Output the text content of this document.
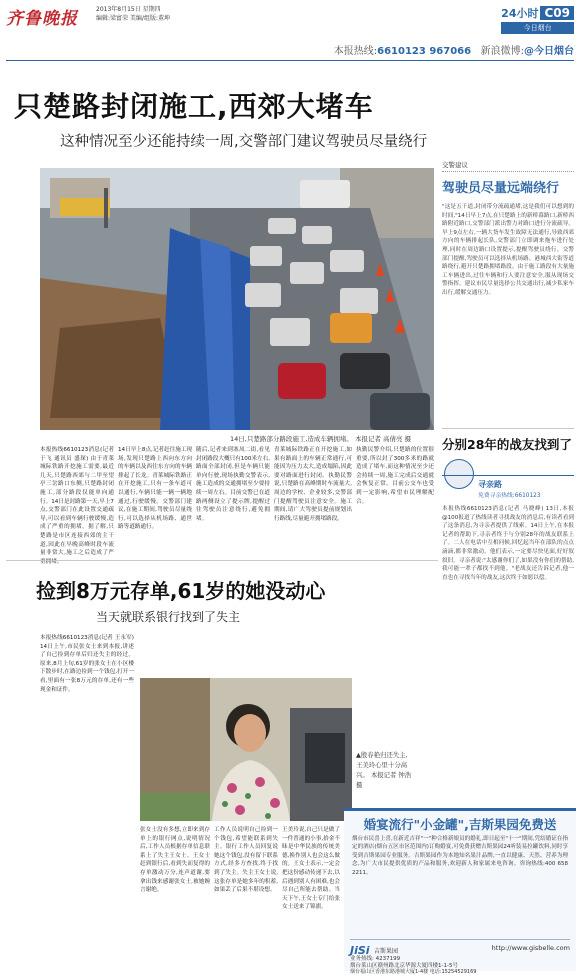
齐鲁晚报	2013年8月15日 星期四
编辑:梁富荣 美编/组版:董坤	24小时 C09
今日烟台
本报热线:6610123 967066 新浪微博:@今日烟台
只楚路封闭施工,西郊大堵车
这种情况至少还能持续一周,交警部门建议驾驶员尽量绕行
14日,只楚路部分路段施工,造成车辆拥堵。 本报记者 高倩亮 摄
交警建议
驾驶员尽量远端绕行
"这是五千道,封闭带分流疏通堵,这是我们可以想到的时间,"14日早上7点,在只楚路上的新桥幕路口,新桥西路附近路口,交警部门派出警力对路口进行分流疏导。早上9点左右,一辆大货车发生故障无法通行,导致西郊方向的车辆排起长队,交警部门立即调来拖车进行处理,同时在周边路口设置提示,提醒驾驶员绕行。交警部门提醒,驾驶员可以选择从机场路、港城西大街等道路绕行,避开只楚路拥堵路段。由于施工路段有大量施工车辆进出,过往车辆和行人要注意安全,服从现场交警指挥。建议市民尽量选择公共交通出行,减少私家车出行,缓解交通压力。
本报热线6610123消息(记者 于飞 通讯员 盛琛) 由于青莱城际铁路开挖施工需要,最近几天,只楚路西郊与二甲至望亭三岔路口东侧,只楚路封闭施工,部分路段仅能单向通行。14日是封路第一天,早上7点,交警部门在此设置交通疏导,可以看到车辆行驶缓慢,造成了严重的拥堵。据了解,只楚路是市区连接西郊的主干道,因此在早晚高峰时段车流量非常大,施工之后造成了严重拥堵。
14日早上8点,记者赶往施工现场,发现只楚路上西向东方向的车辆以及西往东方向的车辆排起了长龙。青莱城际铁路正在开挖施工,只有一条车道可以通行,车辆只能一辆一辆地通过,行驶缓慢。交警部门建议,在施工期间,驾驶员尽量绕行,可以选择从机场路、通世路等道路通行。
随后,记者来到塞凤二街,看见封闭路段大概只有100米左右,路面全部封闭,但是车辆只能单向行驶,现场执勤交警表示,施工造成的交通拥堵至少要持续一周左右。目前交警已在道路两侧设立了提示牌,提醒过往驾驶员注意绕行,避免拥堵。
青莱城际铁路正在开挖施工,如果有路面上的车辆正常通行,可能因为压力太大,造成塌陷,因此要对路面进行封闭。执勤民警说,只楚路在高峰期时车流量大,周边的学校、企业较多,交警部门提醒驾驶员注意安全。施工期间,请广大驾驶员提前规划出行路线,尽量避开拥堵路段。
执勤民警介绍,只楚路的位置很重要,所以封了300多米的路就造成了堵车,而这种情况至少还会持续一周,施工完成后交通就会恢复正常。目前公交车也受到一定影响,希望市民理解配合。
分别28年的战友找到了
寻亲路
免费寻亲热线:6610123
本报热线6610123消息(记者 马晓峰) 13日,本报@100报道了热线读者寻找战友的消息后,有读者看到了这条消息,为寻亲者提供了线索。14日上午,在本报记者的帮助下,寻亲者终于与分别28年的战友联系上了。二人在电话中互相问候,回忆起当年在部队的点点滴滴,都非常激动。他们表示,一定要尽快见面,好好叙叙旧。寻亲者说:"太感谢你们了,如果没有你们的帮助,我可能一辈子都找不到他。"老战友还告诉记者,他一直也在寻找当年的战友,这次终于如愿以偿。
捡到8万元存单,61岁的她没动心
当天就联系银行找到了失主
本报热线6610123消息(记者 王永军) 14日上午,市民张女士来到本报,讲述了自己捡到存单后归还失主的经过。原来,8月上旬,61岁的张女士在小区楼下散步时,在路边捡到一个钱包,打开一看,里面有一张8万元的存单,还有一些现金和证件。
张女士没有多想,立即来到存单上的银行网点,说明情况后,工作人员根据存单信息联系上了失主王女士。王女士赶到银行后,看到失而复得的存单激动万分,连声道谢,要拿出钱来感谢张女士,被她婉言谢绝。
工作人员说明自己捡到一个钱包,希望能联系到失主。银行工作人员回复说她这个钱包,没有留下联系方式,经多方查找,终于找到了失主。失主王女士说,这张存单是她多年的积蓄,如果丢了后果不堪设想。
王美玲说,自己只是做了一件普通的小事,拾金不昧是中华民族的传统美德,换作别人也会这么做的。王女士表示,一定会把这份感动传递下去,以后遇到别人有困难,也会尽自己所能去帮助。当天下午,王女士专门给张女士送来了锦旗。
▲殷春艳归还失主,王美玲心里十分高兴。 本报记者 钟浩 摄
婚宴流行"小金罐",吉斯果园免费送
烟台市民喜上喜,在新近吉祥"一"种合格新娘员的婚礼,即日起至"十一"期间,凭结婚证在指定的酒店(烟台五区市区范围内)订购婚宴,可免费获赠吉斯果园24听装易拉罐饮料,同时享受到吉斯果园专业服务。吉斯果园作为本地知名果汁品牌,一直以健康、天然、营养为理念,为广大市民提供优质的产品和服务,欢迎新人和家属来电咨询。咨询热线:400 658 2211。
JiSi 吉斯果园	http://www.gisbelle.com
业务热线: 4237199
烟台莱山区赣州路北京华源大厦四楼1-1-5号
烟台福山区香港东路港城大厦1-4楼 电话:15254529169
